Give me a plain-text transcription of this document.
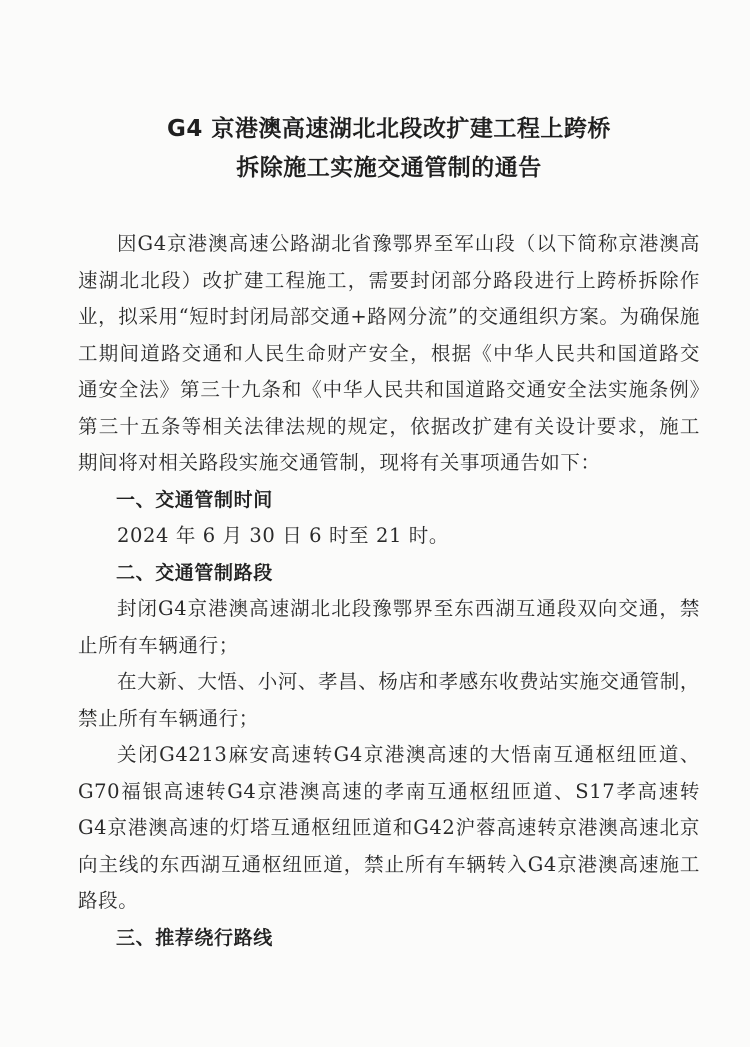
G4 京港澳高速湖北北段改扩建工程上跨桥
拆除施工实施交通管制的通告

因G4京港澳高速公路湖北省豫鄂界至军山段（以下简称京港澳高速湖北北段）改扩建工程施工，需要封闭部分路段进行上跨桥拆除作业，拟采用“短时封闭局部交通+路网分流”的交通组织方案。为确保施工期间道路交通和人民生命财产安全，根据《中华人民共和国道路交通安全法》第三十九条和《中华人民共和国道路交通安全法实施条例》第三十五条等相关法律法规的规定，依据改扩建有关设计要求，施工期间将对相关路段实施交通管制，现将有关事项通告如下：

一、交通管制时间

2024 年 6 月 30 日 6 时至 21 时。

二、交通管制路段

封闭G4京港澳高速湖北北段豫鄂界至东西湖互通段双向交通，禁止所有车辆通行；

在大新、大悟、小河、孝昌、杨店和孝感东收费站实施交通管制，禁止所有车辆通行；

关闭G4213麻安高速转G4京港澳高速的大悟南互通枢纽匝道、G70福银高速转G4京港澳高速的孝南互通枢纽匝道、S17孝高速转G4京港澳高速的灯塔互通枢纽匝道和G42沪蓉高速转京港澳高速北京向主线的东西湖互通枢纽匝道，禁止所有车辆转入G4京港澳高速施工路段。

三、推荐绕行路线
